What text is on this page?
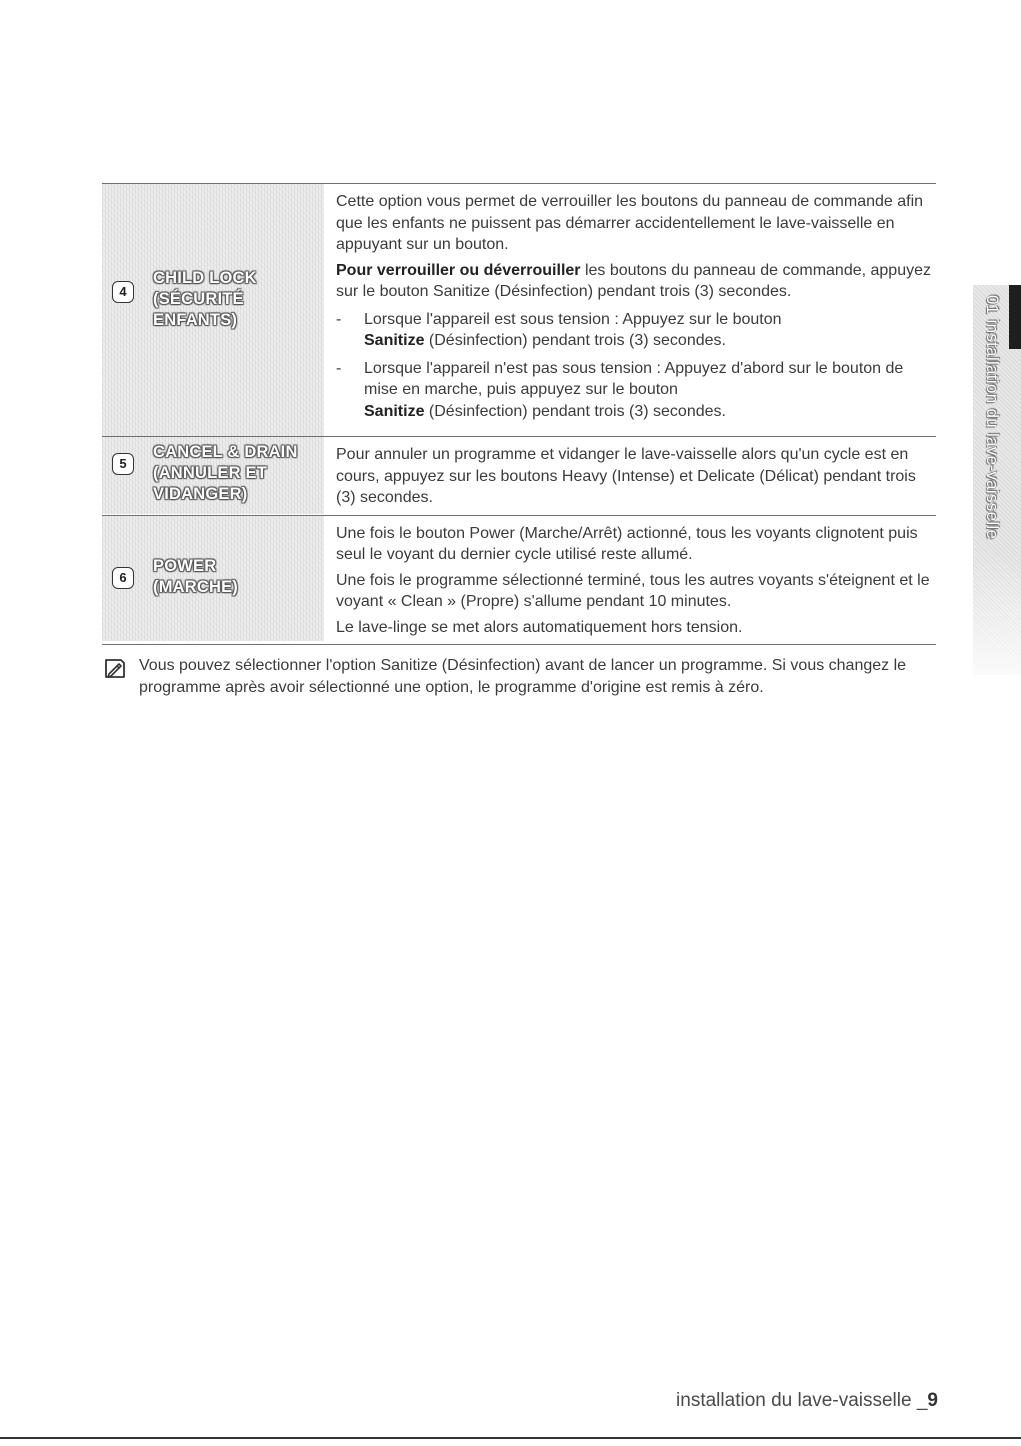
4
CHILD LOCK
(SÉCURITÉ
ENFANTS)

Cette option vous permet de verrouiller les boutons du panneau de commande afin que les enfants ne puissent pas démarrer accidentellement le lave-vaisselle en appuyant sur un bouton.

Pour verrouiller ou déverrouiller les boutons du panneau de commande, appuyez sur le bouton Sanitize (Désinfection) pendant trois (3) secondes.

-	Lorsque l'appareil est sous tension : Appuyez sur le bouton
Sanitize (Désinfection) pendant trois (3) secondes.
-	Lorsque l'appareil n'est pas sous tension : Appuyez d'abord sur le bouton de mise en marche, puis appuyez sur le bouton
Sanitize (Désinfection) pendant trois (3) secondes.
5
CANCEL & DRAIN
(ANNULER ET
VIDANGER)

Pour annuler un programme et vidanger le lave-vaisselle alors qu'un cycle est en cours, appuyez sur les boutons Heavy (Intense) et Delicate (Délicat) pendant trois (3) secondes.

6
POWER
(MARCHE)

Une fois le bouton Power (Marche/Arrêt) actionné, tous les voyants clignotent puis seul le voyant du dernier cycle utilisé reste allumé.

Une fois le programme sélectionné terminé, tous les autres voyants s'éteignent et le voyant « Clean » (Propre) s'allume pendant 10 minutes.

Le lave-linge se met alors automatiquement hors tension.

Vous pouvez sélectionner l'option Sanitize (Désinfection) avant de lancer un programme. Si vous changez le programme après avoir sélectionné une option, le programme d'origine est remis à zéro.
01 installation du lave-vaisselle
installation du lave-vaisselle _9
